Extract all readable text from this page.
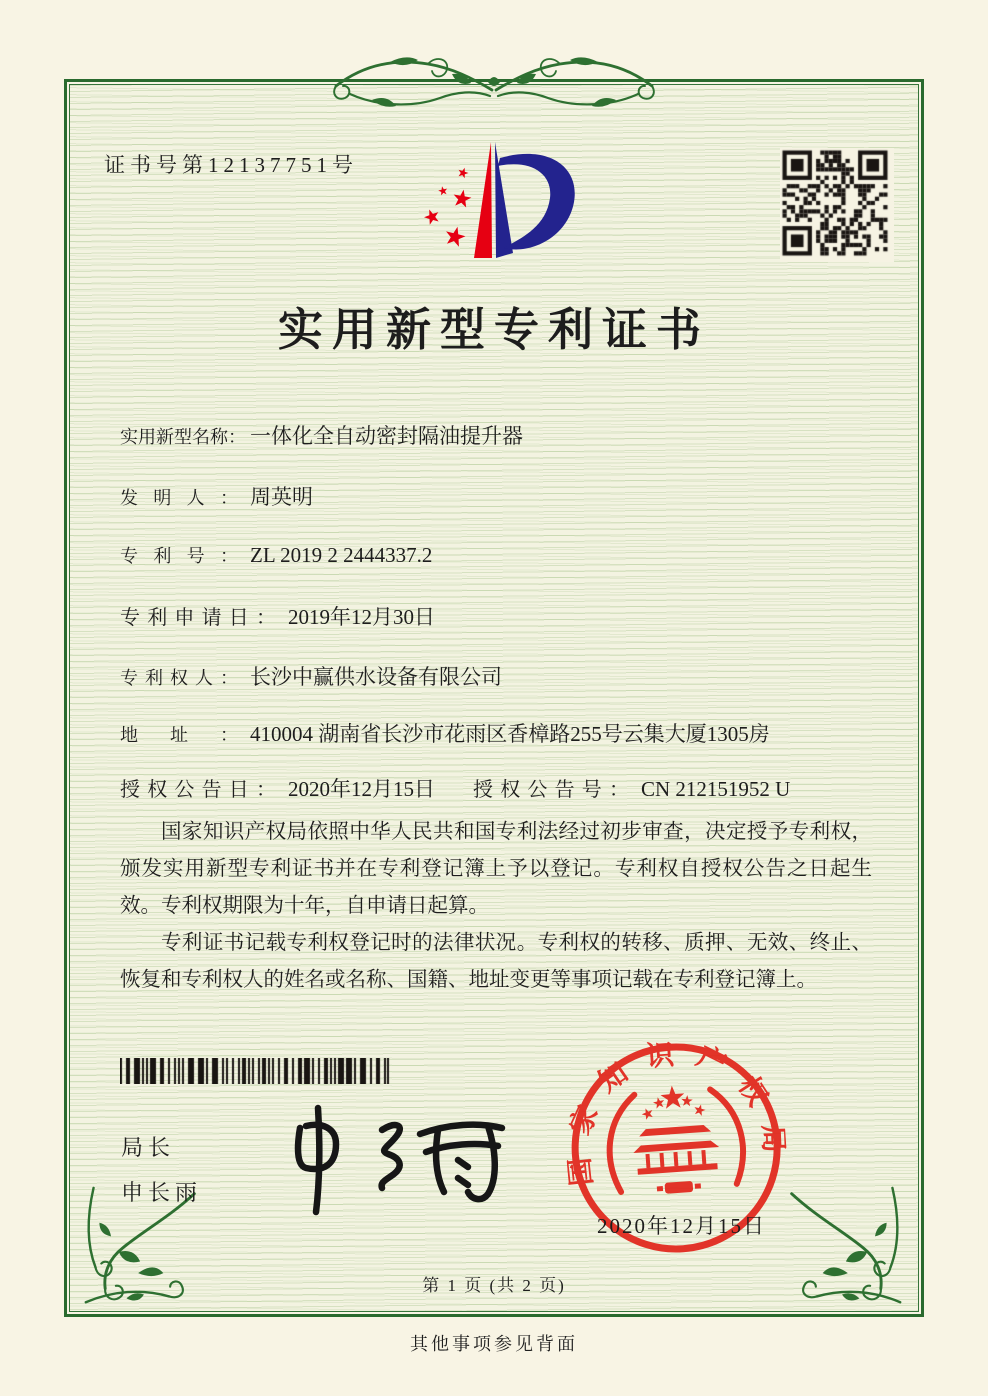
证书号第12137751号
实用新型专利证书
实用新型名称： 一体化全自动密封隔油提升器
发明人： 周英明
专利号： ZL 2019 2 2444337.2
专利申请日： 2019年12月30日
专利权人： 长沙中赢供水设备有限公司
地址： 410004 湖南省长沙市花雨区香樟路255号云集大厦1305房
授权公告日： 2020年12月15日 授权公告号： CN 212151952 U

国家知识产权局依照中华人民共和国专利法经过初步审查，决定授予专利权，颁发实用新型专利证书并在专利登记簿上予以登记。专利权自授权公告之日起生效。专利权期限为十年，自申请日起算。

专利证书记载专利权登记时的法律状况。专利权的转移、质押、无效、终止、恢复和专利权人的姓名或名称、国籍、地址变更等事项记载在专利登记簿上。

局长
申长雨
国家知识产权局
2020年12月15日
第 1 页 (共 2 页)
其他事项参见背面
